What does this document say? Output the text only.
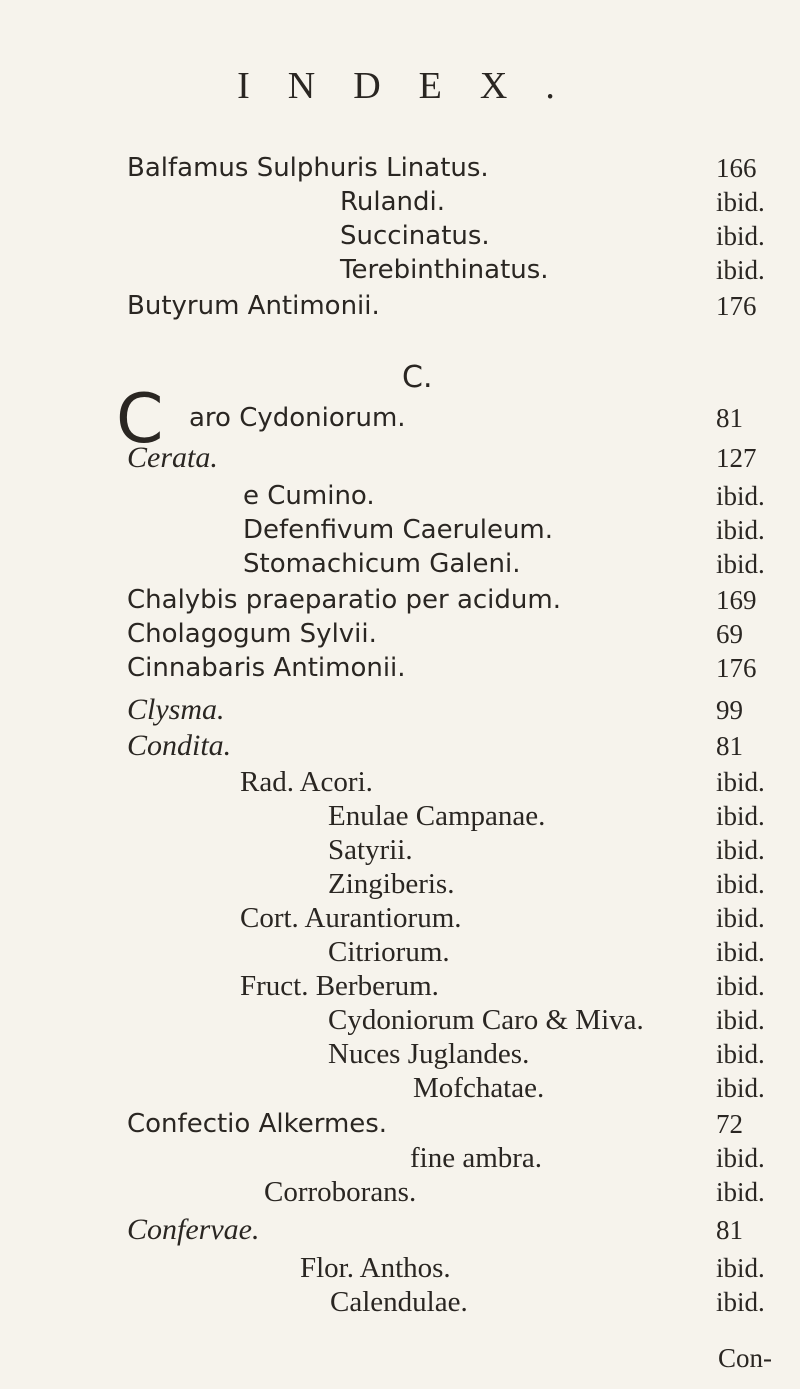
INDEX.
Balfamus Sulphuris Linatus.	166
Rulandi.	ibid.
Succinatus.	ibid.
Terebinthinatus.	ibid.
Butyrum Antimonii.	176
aro Cydoniorum.	81
Cerata.	127
e Cumino.	ibid.
Defenfivum Caeruleum.	ibid.
Stomachicum Galeni.	ibid.
Chalybis praeparatio per acidum.	169
Cholagogum Sylvii.	69
Cinnabaris Antimonii.	176
Clysma.	99
Condita.	81
Rad. Acori.	ibid.
Enulae Campanae.	ibid.
Satyrii.	ibid.
Zingiberis.	ibid.
Cort. Aurantiorum.	ibid.
Citriorum.	ibid.
Fruct. Berberum.	ibid.
Cydoniorum Caro & Miva.	ibid.
Nuces Juglandes.	ibid.
Mofchatae.	ibid.
Confectio Alkermes.	72
fine ambra.	ibid.
Corroborans.	ibid.
Confervae.	81
Flor. Anthos.	ibid.
Calendulae.	ibid.
C.
C
Con-
